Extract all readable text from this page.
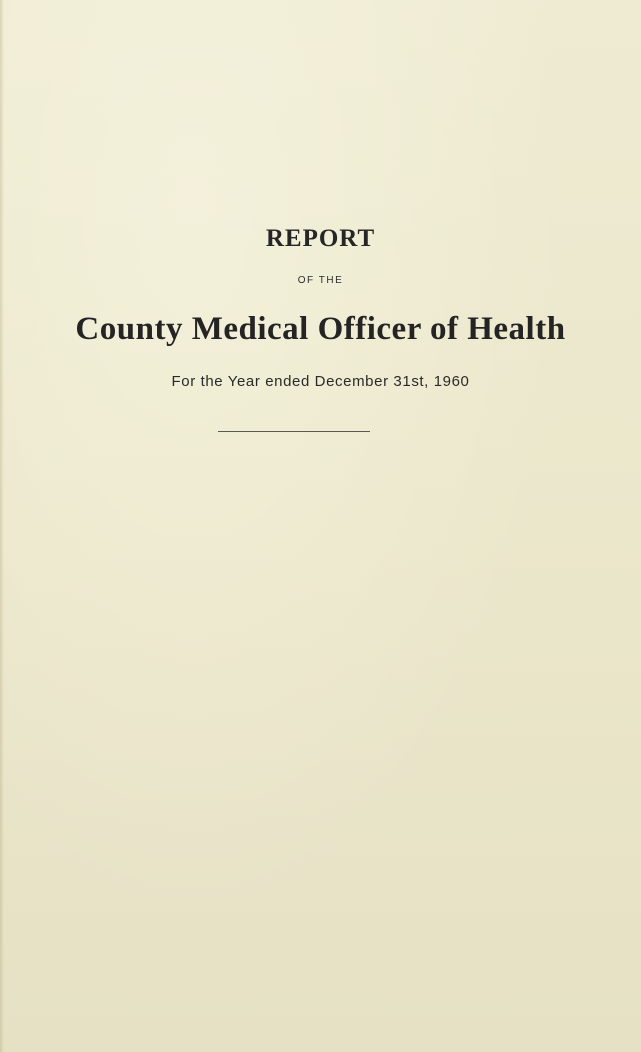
REPORT
OF THE
County Medical Officer of Health
For the Year ended December 31st, 1960
